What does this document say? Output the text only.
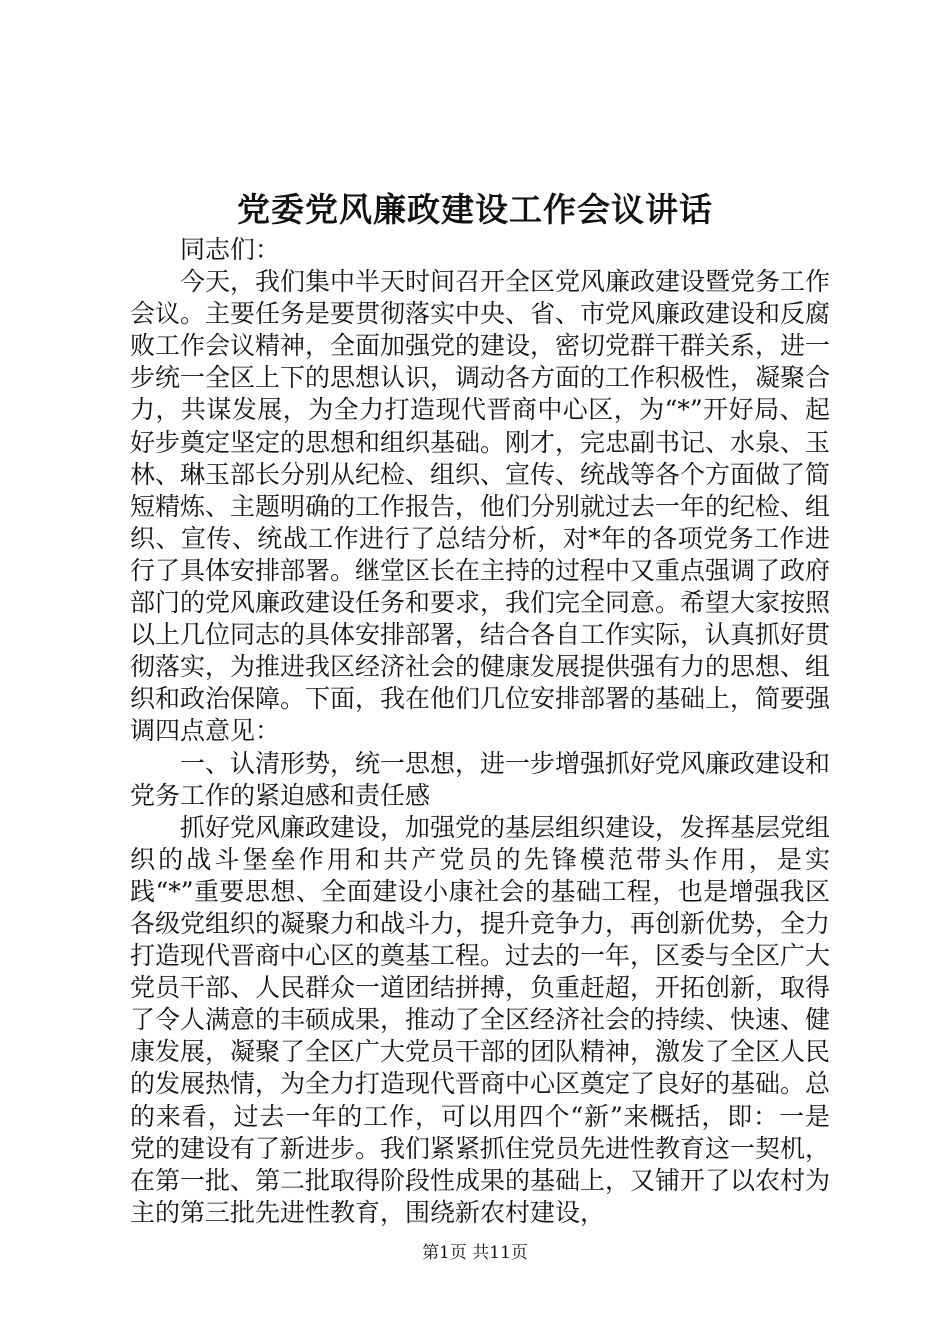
党委党风廉政建设工作会议讲话

同志们：

今天，我们集中半天时间召开全区党风廉政建设暨党务工作会议。主要任务是要贯彻落实中央、省、市党风廉政建设和反腐败工作会议精神，全面加强党的建设，密切党群干群关系，进一步统一全区上下的思想认识，调动各方面的工作积极性，凝聚合力，共谋发展，为全力打造现代晋商中心区，为“*”开好局、起好步奠定坚定的思想和组织基础。刚才，完忠副书记、水泉、玉林、琳玉部长分别从纪检、组织、宣传、统战等各个方面做了简短精炼、主题明确的工作报告，他们分别就过去一年的纪检、组织、宣传、统战工作进行了总结分析，对*年的各项党务工作进行了具体安排部署。继堂区长在主持的过程中又重点强调了政府部门的党风廉政建设任务和要求，我们完全同意。希望大家按照以上几位同志的具体安排部署，结合各自工作实际，认真抓好贯彻落实，为推进我区经济社会的健康发展提供强有力的思想、组织和政治保障。下面，我在他们几位安排部署的基础上，简要强调四点意见：

一、认清形势，统一思想，进一步增强抓好党风廉政建设和党务工作的紧迫感和责任感

抓好党风廉政建设，加强党的基层组织建设，发挥基层党组织的战斗堡垒作用和共产党员的先锋模范带头作用，是实践“*”重要思想、全面建设小康社会的基础工程，也是增强我区各级党组织的凝聚力和战斗力，提升竞争力，再创新优势，全力打造现代晋商中心区的奠基工程。过去的一年，区委与全区广大党员干部、人民群众一道团结拼搏，负重赶超，开拓创新，取得了令人满意的丰硕成果，推动了全区经济社会的持续、快速、健康发展，凝聚了全区广大党员干部的团队精神，激发了全区人民的发展热情，为全力打造现代晋商中心区奠定了良好的基础。总的来看，过去一年的工作，可以用四个“新”来概括，即：一是党的建设有了新进步。我们紧紧抓住党员先进性教育这一契机，在第一批、第二批取得阶段性成果的基础上，又铺开了以农村为主的第三批先进性教育，围绕新农村建设，

第1页 共11页
